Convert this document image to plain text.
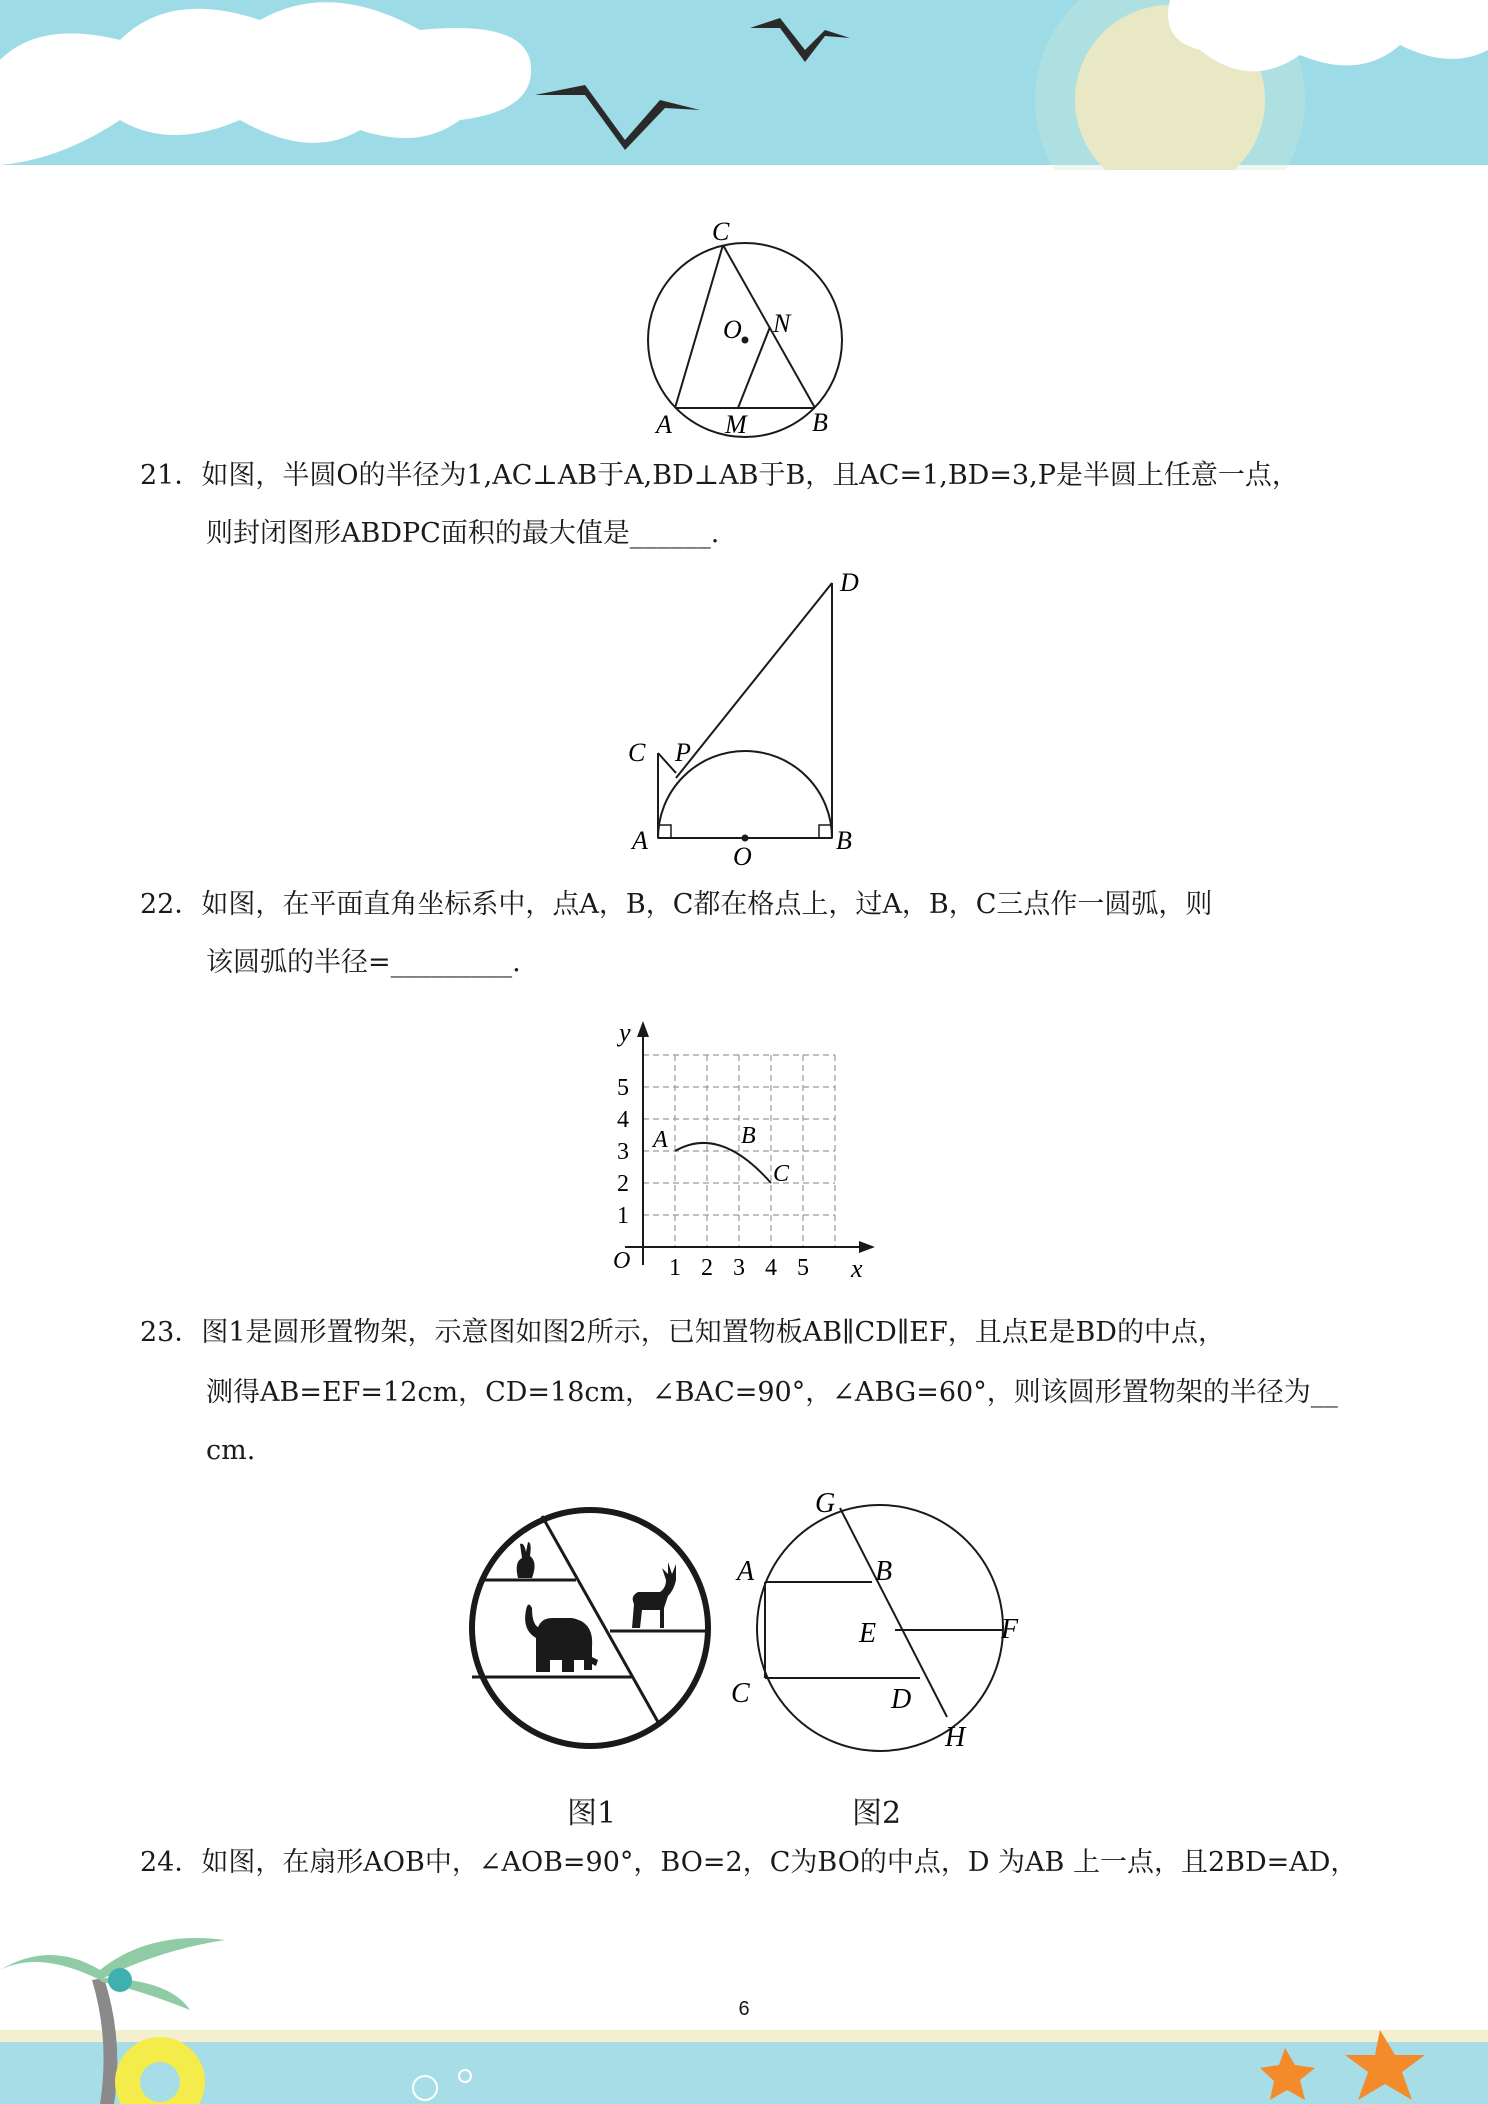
C
O N
A M	B
21．如图，半圆O的半径为1,AC⊥AB于A,BD⊥AB于B，且AC=1,BD=3,P是半圆上任意一点，
则封闭图形ABDPC面积的最大值是______.
D
C P
A
O
B
22．如图，在平面直角坐标系中，点A，B，C都在格点上，过A，B，C三点作一圆弧，则
该圆弧的半径=_________.
y
x
O 1 2 3 4 5
1
2
3
4
5
A	B
C
23．图1是圆形置物架，示意图如图2所示，已知置物板AB∥CD∥EF，且点E是BD的中点，
测得AB=EF=12cm，CD=18cm，∠BAC=90°，∠ABG=60°，则该圆形置物架的半径为__
cm.
G
A	B
E	F
C	D
H
图1	图2
24．如图，在扇形AOB中，∠AOB=90°，BO=2，C为BO的中点，D 为AB 上一点，且2BD=AD，
6
